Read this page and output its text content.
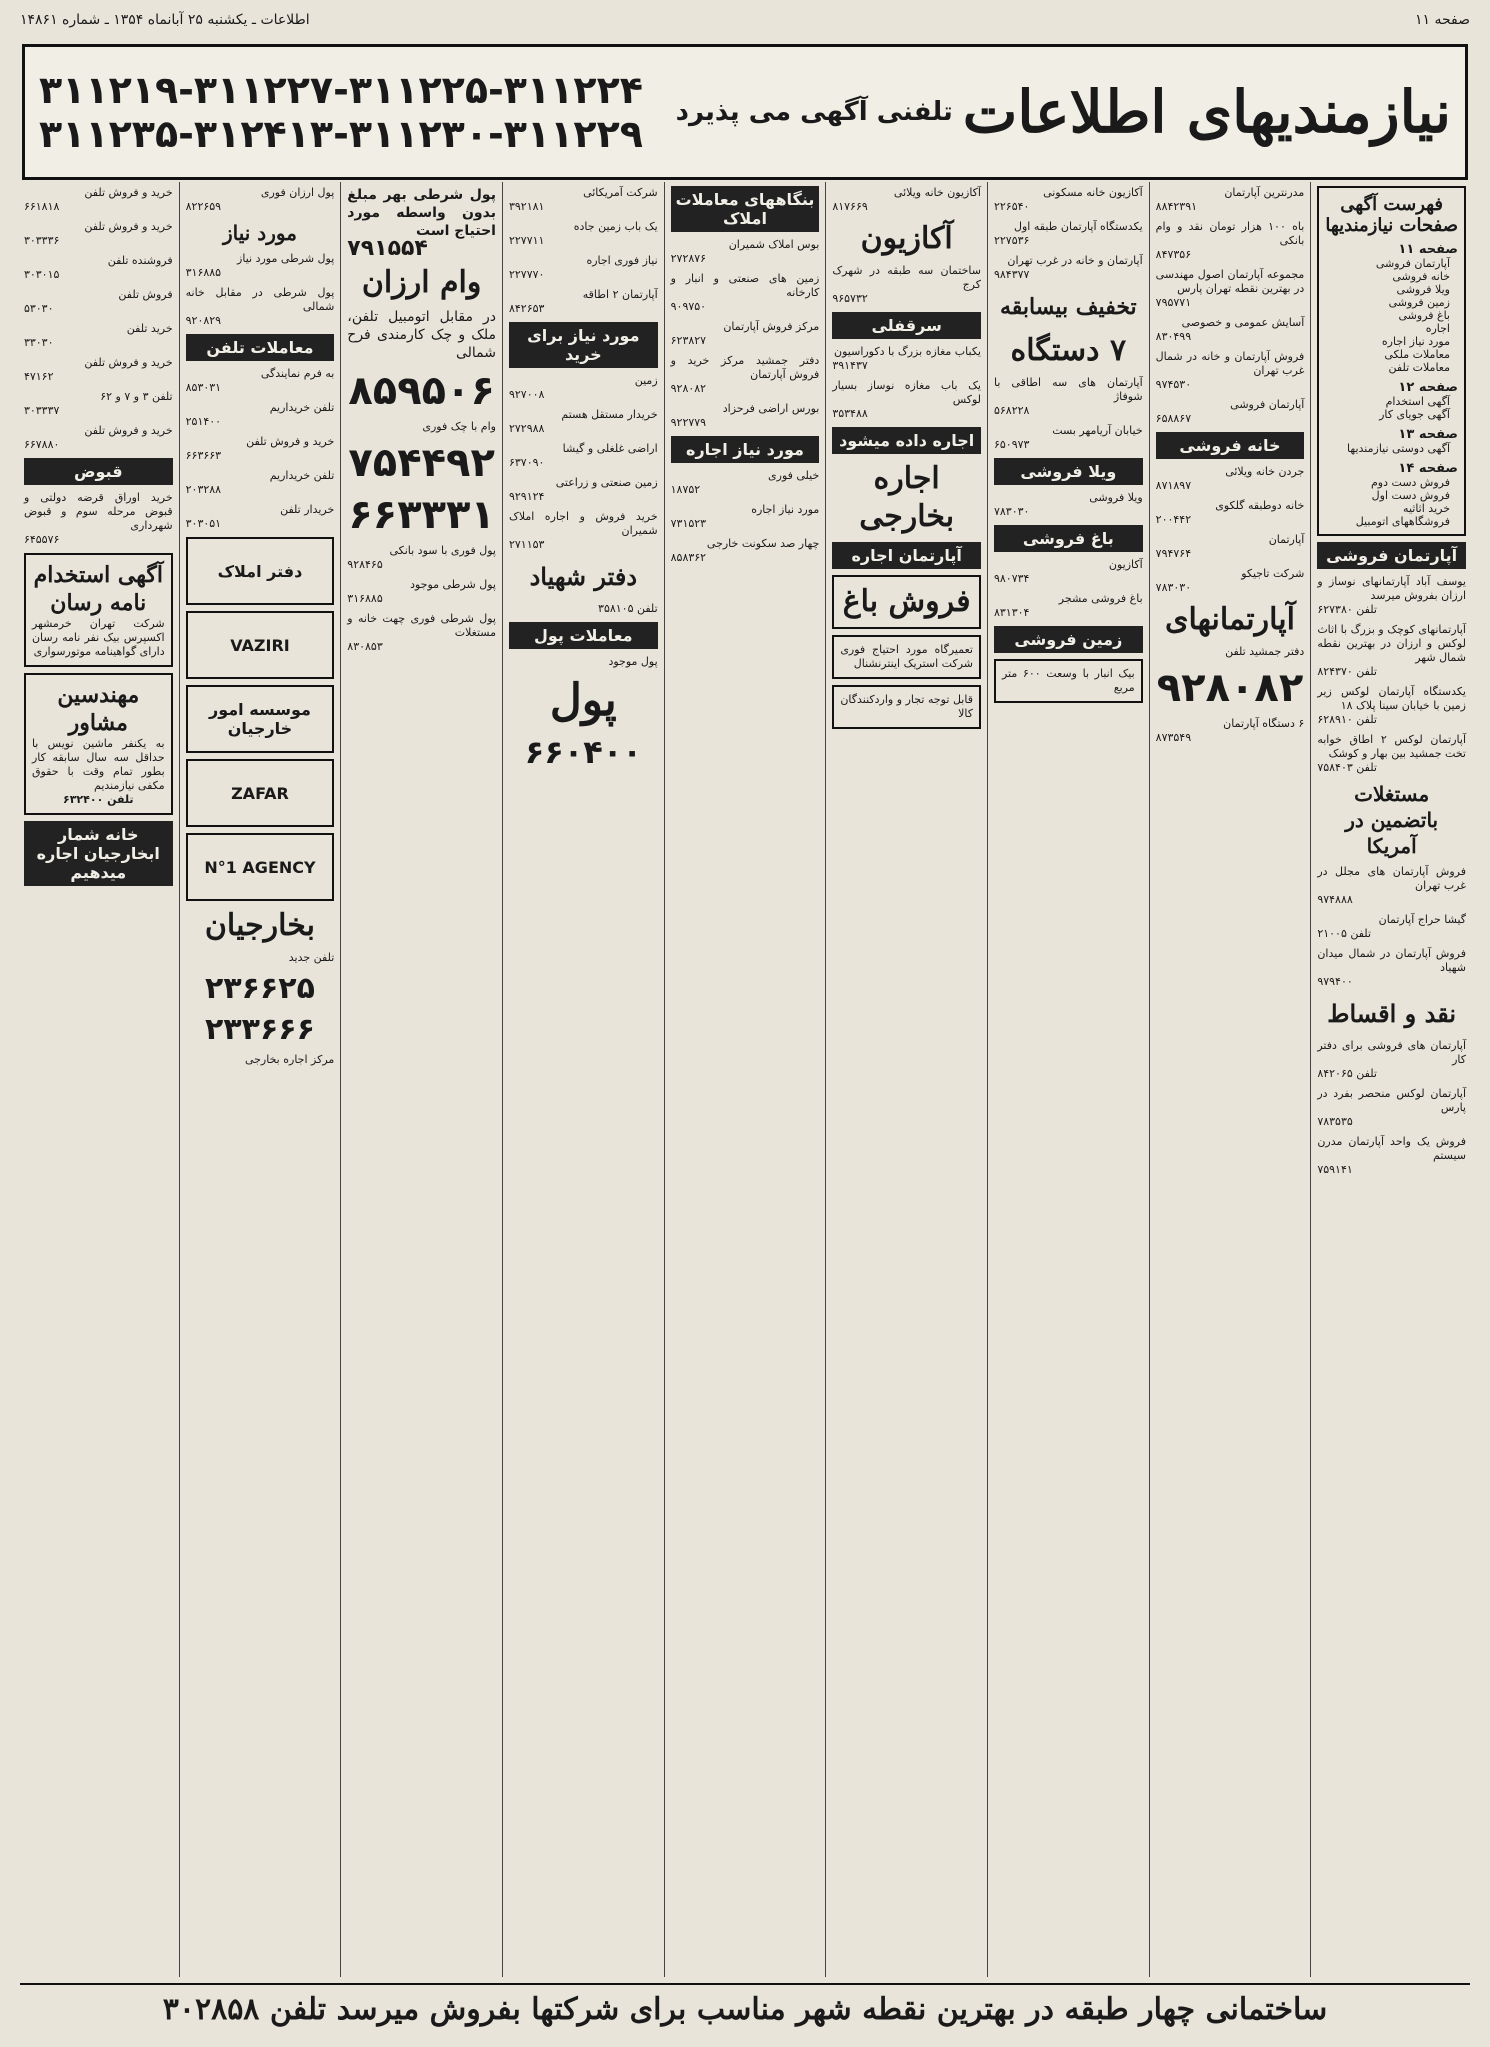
صفحه ۱۱
اطلاعات ـ یکشنبه ۲۵ آبانماه ۱۳۵۴ ـ شماره ۱۴۸۶۱
نیازمندیهای اطلاعات
تلفنی آگهی می پذیرد
۳۱۱۲۱۹-۳۱۱۲۲۷-۳۱۱۲۲۵-۳۱۱۲۲۴
۳۱۱۲۳۵-۳۱۲۴۱۳-۳۱۱۲۳۰-۳۱۱۲۲۹
فهرست آگهی صفحات نیازمندیها
صفحه ۱۱
آپارتمان فروشی
خانه فروشی
ویلا فروشی
زمین فروشی
باغ فروشی
اجاره
مورد نیاز اجاره
معاملات ملکی
معاملات تلفن
صفحه ۱۲
آگهی استخدام
آگهی جویای کار
صفحه ۱۳
آگهی دوستی نیازمندیها
صفحه ۱۴
فروش دست دوم
فروش دست اول
خرید اثاثیه
فروشگاههای اتومبیل
آپارتمان فروشی
یوسف آباد آپارتمانهای نوساز و ارزان بفروش میرسد
تلفن ۶۲۷۳۸۰
آپارتمانهای کوچک و بزرگ با اثاث لوکس و ارزان در بهترین نقطه شمال شهر
تلفن ۸۲۴۳۷۰
یکدستگاه آپارتمان لوکس زیر زمین با خیابان سینا پلاک ۱۸
تلفن ۶۲۸۹۱۰
آپارتمان لوکس ۲ اطاق خوابه تخت جمشید بین بهار و کوشک
تلفن ۷۵۸۴۰۳
مستغلات باتضمین در آمریکا
فروش آپارتمان های مجلل در غرب تهران
۹۷۴۸۸۸
گیشا حراج آپارتمان
تلفن ۲۱۰۰۵
فروش آپارتمان در شمال میدان شهیاد
۹۷۹۴۰۰
نقد و اقساط
آپارتمان های فروشی برای دفتر کار
تلفن ۸۴۲۰۶۵
آپارتمان لوکس منحصر بفرد در پارس
۷۸۳۵۳۵
فروش یک واحد آپارتمان مدرن سیستم
۷۵۹۱۴۱
مدرنترین آپارتمان
۸۸۴۲۳۹۱
باه ۱۰۰ هزار تومان نقد و وام بانکی
۸۴۷۳۵۶
مجموعه آپارتمان اصول مهندسی در بهترین نقطه تهران پارس
۷۹۵۷۷۱
آسایش عمومی و خصوصی
۸۳۰۴۹۹
فروش آپارتمان و خانه در شمال غرب تهران
۹۷۴۵۳۰
آپارتمان فروشی
۶۵۸۸۶۷
خانه فروشی
جردن خانه ویلائی
۸۷۱۸۹۷
خانه دوطبقه گلکوی
۲۰۰۴۴۲
آپارتمان
۷۹۴۷۶۴
شرکت تاجیکو
۷۸۳۰۳۰
آپارتمانهای
دفتر جمشید تلفن
۹۲۸۰۸۲
۶ دستگاه آپارتمان
۸۷۳۵۴۹
آکازیون خانه مسکونی
۲۲۶۵۴۰
یکدستگاه آپارتمان طبقه اول
۲۲۷۵۳۶
آپارتمان و خانه در غرب تهران
۹۸۴۳۷۷
تخفیف بیسابقه
۷ دستگاه
آپارتمان های سه اطاقی با شوفاژ
۵۶۸۲۲۸
خیابان آریامهر بست
۶۵۰۹۷۳
ویلا فروشی
ویلا فروشی
۷۸۳۰۳۰
باغ فروشی
آکازیون
۹۸۰۷۳۴
باغ فروشی مشجر
۸۳۱۳۰۴
زمین فروشی
بیک انبار با وسعت ۶۰۰ متر مربع
آکازیون خانه ویلائی
۸۱۷۶۶۹
آکازیون
ساختمان سه طبقه در شهرک کرج
۹۶۵۷۳۲
سرقفلی
یکباب مغازه بزرگ با دکوراسیون
۳۹۱۴۳۷
یک باب مغازه نوساز بسیار لوکس
۳۵۳۴۸۸
اجاره داده میشود
اجاره بخارجی
آپارتمان اجاره
فروش باغ
تعمیرگاه مورد احتیاج فوری شرکت استریک اینترنشنال
قابل توجه تجار و واردکنندگان کالا
بنگاههای معاملات املاک
بوس املاک شمیران
۲۷۲۸۷۶
زمین های صنعتی و انبار و کارخانه
۹۰۹۷۵۰
مرکز فروش آپارتمان
۶۲۳۸۲۷
دفتر جمشید مرکز خرید و فروش آپارتمان
۹۲۸۰۸۲
بورس اراضی فرحزاد
۹۲۲۷۷۹
مورد نیاز اجاره
خیلی فوری
۱۸۷۵۲
مورد نیاز اجاره
۷۳۱۵۲۳
چهار صد سکونت خارجی
۸۵۸۳۶۲
شرکت آمریکائی
۳۹۲۱۸۱
یک باب زمین جاده
۲۲۷۷۱۱
نیاز فوری اجاره
۲۲۷۷۷۰
آپارتمان ۲ اطاقه
۸۴۲۶۵۳
مورد نیاز برای خرید
زمین
۹۲۷۰۰۸
خریدار مستقل هستم
۲۷۲۹۸۸
اراضی غلغلی و گیشا
۶۳۷۰۹۰
زمین صنعتی و زراعتی
۹۲۹۱۲۴
خرید فروش و اجاره املاک شمیران
۲۷۱۱۵۳
دفتر شهیاد
تلفن ۳۵۸۱۰۵
معاملات پول
پول موجود
پول
۶۶۰۴۰۰
پول شرطی بهر مبلغ بدون واسطه مورد احتیاج است
۷۹۱۵۵۴
وام ارزان
در مقابل اتومبیل تلفن، ملک و چک کارمندی فرح شمالی
۸۵۹۵۰۶
وام با چک فوری
۷۵۴۴۹۲
۶۶۳۳۳۱
پول فوری با سود بانکی
۹۲۸۴۶۵
پول شرطی موجود
۳۱۶۸۸۵
پول شرطی فوری چهت خانه و مستغلات
۸۳۰۸۵۳
پول ارزان فوری
۸۲۲۶۵۹
مورد نیاز
پول شرطی مورد نیاز
۳۱۶۸۸۵
پول شرطی در مقابل خانه شمالی
۹۲۰۸۲۹
معاملات تلفن
به فرم نمایندگی
۸۵۳۰۳۱
تلفن خریداریم
۲۵۱۴۰۰
خرید و فروش تلفن
۶۶۳۶۶۳
تلفن خریداریم
۲۰۳۲۸۸
خریدار تلفن
۳۰۳۰۵۱
دفتر املاک
VAZIRI
موسسه امور خارجیان
ZAFAR
N°1 AGENCY
بخارجیان
تلفن جدید
۲۳۶۶۲۵
۲۳۳۶۶۶
مرکز اجاره بخارجی
خرید و فروش تلفن
۶۶۱۸۱۸
خرید و فروش تلفن
۳۰۳۳۳۶
فروشنده تلفن
۳۰۳۰۱۵
فروش تلفن
۵۳۰۳۰
خرید تلفن
۳۳۰۳۰
خرید و فروش تلفن
۴۷۱۶۲
تلفن ۳ و ۷ و ۶۲
۳۰۳۳۳۷
خرید و فروش تلفن
۶۶۷۸۸۰
قبوض
خرید اوراق قرضه دولتی و قبوض مرحله سوم و قبوض شهرداری
۶۴۵۵۷۶
آگهی استخدام نامه رسان
شرکت تهران خرمشهر اکسپرس بیک نفر نامه رسان دارای گواهینامه موتورسواری
مهندسین مشاور
به یکنفر ماشین نویس با حداقل سه سال سابقه کار بطور تمام وقت با حقوق مکفی نیازمندیم
تلفن ۶۳۲۴۰۰
خانه شمار ابخارجیان اجاره میدهیم
ساختمانی چهار طبقه در بهترین نقطه شهر مناسب برای شرکتها بفروش میرسد تلفن ۳۰۲۸۵۸
